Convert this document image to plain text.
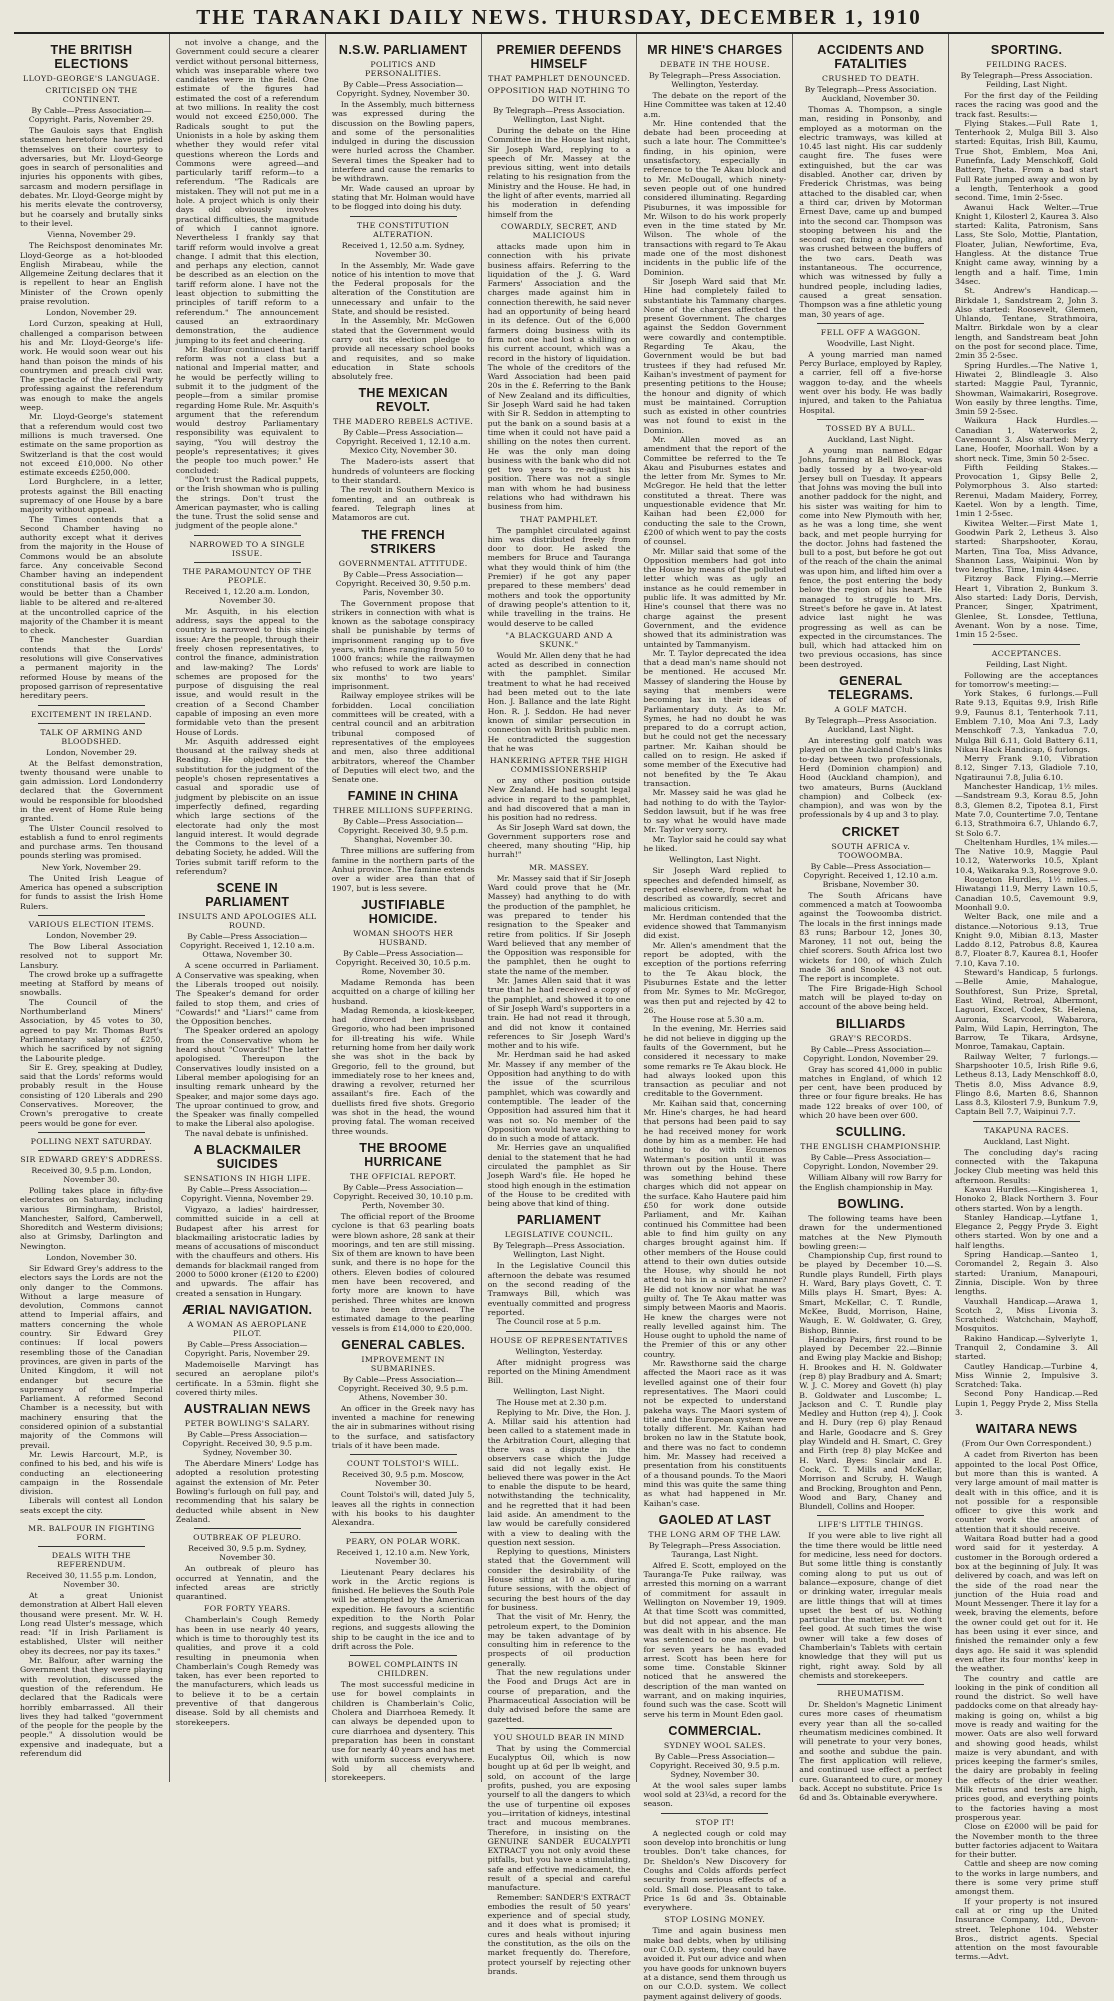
THE TARANAKI DAILY NEWS. THURSDAY, DECEMBER 1, 1910
THE BRITISH ELECTIONS
LLOYD-GEORGE'S LANGUAGE.
CRITICISED ON THE CONTINENT.
By Cable—Press Association—Copyright. Paris, November 29.

The Gaulois says that English statesmen heretofore have prided themselves on their courtesy to adversaries, but Mr. Lloyd-George goes in search of personalities and injuries his opponents with gibes, sarcasm and modern persiflage in debates. Mr. Lloyd-George might by his merits elevate the controversy, but he coarsely and brutally sinks to their level.

Vienna, November 29.

The Reichspost denominates Mr. Lloyd-George as a hot-blooded English Mirabeau, while the Allgemeine Zeitung declares that it is repellent to hear an English Minister of the Crown openly praise revolution.

London, November 29.

Lord Curzon, speaking at Hull, challenged a comparison between his and Mr. Lloyd-George's life-work. He would soon wear out his hand than poison the minds of his countrymen and preach civil war. The spectacle of the Liberal Party professing against the referendum was enough to make the angels weep.

Mr. Lloyd-George's statement that a referendum would cost two millions is much traversed. One estimate on the same proportion as Switzerland is that the cost would not exceed £10,000. No other estimate exceeds £250,000.

Lord Burghclere, in a letter, protests against the Bill enacting supremacy of one House by a bare majority without appeal.

The Times contends that a Second Chamber having no authority except what it derives from the majority in the House of Commons would be an absolute farce. Any conceivable Second Chamber having an independent constitutional basis of its own would be better than a Chamber liable to be altered and re-altered at the uncontrolled caprice of the majority of the Chamber it is meant to check.

The Manchester Guardian contends that the Lords' resolutions will give Conservatives a permanent majority in the reformed House by means of the proposed garrison of representative hereditary peers.

EXCITEMENT IN IRELAND.
TALK OF ARMING AND BLOODSHED.
London, November 29.

At the Belfast demonstration, twenty thousand were unable to gain admission. Lord Londonderry declared that the Government would be responsible for bloodshed in the event of Home Rule being granted.

The Ulster Council resolved to establish a fund to enrol regiments and purchase arms. Ten thousand pounds sterling was promised.

New York, November 29.

The United Irish League of America has opened a subscription for funds to assist the Irish Home Rulers.

VARIOUS ELECTION ITEMS.
London, November 29.

The Bow Liberal Association resolved not to support Mr. Lansbury.

The crowd broke up a suffragette meeting at Stafford by means of snowballs.

The Council of the Northumberland Miners' Association, by 45 votes to 30, agreed to pay Mr. Thomas Burt's Parliamentary salary of £250, which he sacrificed by not signing the Labourite pledge.

Sir E. Grey, speaking at Dudley, said that the Lords' reforms would probably result in the House consisting of 120 Liberals and 290 Conservatives. Moreover, the Crown's prerogative to create peers would be gone for ever.

POLLING NEXT SATURDAY.
SIR EDWARD GREY'S ADDRESS.
Received 30, 9.5 p.m. London, November 30.

Polling takes place in fifty-five electorates on Saturday, including various Birmingham, Bristol, Manchester, Salford, Camberwell, Shoreditch and Westerm divisions; also at Grimsby, Darlington and Newington.

London, November 30.

Sir Edward Grey's address to the electors says the Lords are not the only danger to the Commons. Without a large measure of devolution, Commons cannot attend to Imperial affairs, and matters concerning the whole country. Sir Edward Grey continues: If local powers resembling those of the Canadian provinces, are given in parts of the United Kingdom, it will not endanger but secure the supremacy of the Imperial Parliament. A reformed Second Chamber is a necessity, but with machinery ensuring that the considered opinion of a substantial majority of the Commons will prevail.

Mr. Lewis Harcourt, M.P., is confined to his bed, and his wife is conducting an electioneering campaign in the Rossendale division.

Liberals will contest all London seats except the city.

MR. BALFOUR IN FIGHTING FORM.
DEALS WITH THE REFERENDUM.
Received 30, 11.55 p.m. London, November 30.

At a great Unionist demonstration at Albert Hall eleven thousand were present. Mr. W. H. Long read Ulster's message, which read: "If in Irish Parliament is established, Ulster will neither obey its decrees, nor pay its taxes."

Mr. Balfour, after warning the Government that they were playing with revolution, discussed the question of the referendum. He declared that the Radicals were horribly embarrassed. All their lives they had talked "government of the people for the people by the people." A dissolution would be expensive and inadequate, but a referendum did

not involve a change, and the Government could secure a clearer verdict without personal bitterness, which was inseparable where two candidates were in the field. One estimate of the figures had estimated the cost of a referendum at two millions. In reality the cost would not exceed £250,000. The Radicals sought to put the Unionists in a hole by asking them whether they would refer vital questions whereon the Lords and Commons were agreed—and particularly tariff reform—to a referendum. "The Radicals are mistaken. They will not put me in a hole. A project which is only their days old obviously involves practical difficulties, the magnitude of which I cannot ignore. Nevertheless I frankly say that tariff reform would involve a great change. I admit that this election, and perhaps any election, cannot be described as an election on the tariff reform alone. I have not the least objection to submitting the principles of tariff reform to a referendum." The announcement caused an extraordinary demonstration, the audience jumping to its feet and cheering.

Mr. Balfour continued that tariff reform was not a class but a national and Imperial matter, and he would be perfectly willing to submit it to the judgment of the people—from a similar promise regarding Home Rule. Mr. Asquith's argument that the referendum would destroy Parliamentary responsibility was equivalent to saying, "You will destroy the people's representatives; it gives the people too much power." He concluded:

"Don't trust the Radical puppets, or the Irish showman who is pulling the strings. Don't trust the American paymaster, who is calling the tune. Trust the solid sense and judgment of the people alone."

NARROWED TO A SINGLE ISSUE.
THE PARAMOUNTCY OF THE PEOPLE.
Received 1, 12.20 a.m. London, November 30.

Mr. Asquith, in his election address, says the appeal to the country is narrowed to this single issue: Are the people, through their freely chosen representatives, to control the finance, administration and law-making? The Lords' schemes are proposed for the purpose of disguising the real issue, and would result in the creation of a Second Chamber capable of imposing an even more formidable veto than the present House of Lords.

Mr. Asquith addressed eight thousand at the railway sheds at Reading. He objected to the substitution for the judgment of the people's chosen representatives a casual and sporadic use of judgment by plebiscite on an issue imperfectly defined, regarding which large sections of the electorate had only the most languid interest. It would degrade the Commons to the level of a debating Society, he added. Will the Tories submit tariff reform to the referendum?

SCENE IN PARLIAMENT
INSULTS AND APOLOGIES ALL ROUND.
By Cable—Press Association—Copyright. Received 1, 12.10 a.m. Ottawa, November 30.

A scene occurred in Parliament. A Conservative was speaking, when the Liberals trooped out noisily. The Speaker's demand for order failed to stop them, and cries of "Cowards!" and "Liars!" came from the Opposition benches.

The Speaker ordered an apology from the Conservative whom he heard shout "Cowards!" The latter apologised. Thereupon the Conservatives loudly insisted on a Liberal member apologising for an insulting remark unheard by the Speaker, and major some days ago. The uproar continued to grow, and the Speaker was finally compelled to make the Liberal also apologise.

The naval debate is unfinished.

A BLACKMAILER SUICIDES
SENSATIONS IN HIGH LIFE.
By Cable—Press Association—Copyright. Vienna, November 29.

Vigyazo, a ladies' hairdresser, committed suicide in a cell at Budapest after his arrest for blackmailing aristocratic ladies by means of accusations of misconduct with the chauffeurs and others. His demands for blackmail ranged from 2000 to 5000 kroner (£120 to £200) and upwards. The affair has created a sensation in Hungary.

ÆRIAL NAVIGATION.
A WOMAN AS AEROPLANE PILOT.
By Cable—Press Association—Copyright. Paris, November 29.

Mademoiselle Marvingt has secured an aeroplane pilot's certificate. In a 53min. flight she covered thirty miles.

AUSTRALIAN NEWS
PETER BOWLING'S SALARY.
By Cable—Press Association—Copyright. Received 30, 9.5 p.m. Sydney, November 30.

The Aberdare Miners' Lodge has adopted a resolution protesting against the extension of Mr. Peter Bowling's furlough on full pay, and recommending that his salary be deducted while absent in New Zealand.

OUTBREAK OF PLEURO.
Received 30, 9.5 p.m. Sydney, November 30.

An outbreak of pleuro has occurred at Yennatin, and the infected areas are strictly quarantined.

FOR FORTY YEARS.

Chamberlain's Cough Remedy has been in use nearly 40 years, which is time to thoroughly test its qualities, and prove it a cold resulting in pneumonia when Chamberlain's Cough Remedy was taken, has ever been reported to the manufacturers, which leads us to believe it to be a certain preventive of that dangerous disease. Sold by all chemists and storekeepers.

N.S.W. PARLIAMENT
POLITICS AND PERSONALITIES.
By Cable—Press Association—Copyright. Sydney, November 30.

In the Assembly, much bitterness was expressed during the discussion on the Bowling papers, and some of the personalities indulged in during the discussion were hurled across the Chamber. Several times the Speaker had to interfere and cause the remarks to be withdrawn.

Mr. Wade caused an uproar by stating that Mr. Holman would have to be flogged into doing his duty.

THE CONSTITUTION ALTERATION.
Received 1, 12.50 a.m. Sydney, November 30.

In the Assembly, Mr. Wade gave notice of his intention to move that the Federal proposals for the alteration of the Constitution are unnecessary and unfair to the State, and should be resisted.

In the Assembly, Mr. McGowen stated that the Government would carry out its election pledge to provide all necessary school books and requisites, and so make education in State schools absolutely free.

THE MEXICAN REVOLT.
THE MADERO REBELS ACTIVE.
By Cable—Press Association—Copyright. Received 1, 12.10 a.m. Mexico City, November 30.

The Madero-ists assert that hundreds of volunteers are flocking to their standard.

The revolt in Southern Mexico is fomenting, and an outbreak is feared. Telegraph lines at Matamoros are cut.

THE FRENCH STRIKERS
GOVERNMENTAL ATTITUDE.
By Cable—Press Association—Copyright. Received 30, 9.50 p.m. Paris, November 30.

The Government propose that strikers in connection with what is known as the sabotage conspiracy shall be punishable by terms of imprisonment ranging up to five years, with fines ranging from 50 to 1000 francs; while the railwaymen who refused to work are liable to six months' to two years' imprisonment.

Railway employee strikes will be forbidden. Local conciliation committees will be created, with a central council and an arbitration tribunal composed of representatives of the employees and men, also three additional arbitrators, whereof the Chamber of Deputies will elect two, and the Senate one.

FAMINE IN CHINA
THREE MILLIONS SUFFERING.
By Cable—Press Association—Copyright. Received 30, 9.5 p.m. Shanghai, November 30.

Three millions are suffering from famine in the northern parts of the Anhui province. The famine extends over a wider area than that of 1907, but is less severe.

JUSTIFIABLE HOMICIDE.
WOMAN SHOOTS HER HUSBAND.
By Cable—Press Association—Copyright. Received 30, 10.5 p.m. Rome, November 30.

Madame Remonda has been acquitted on a charge of killing her husband.

Madag Remonda, a kiosk-keeper, had divorced her husband Gregorio, who had been imprisoned for ill-treating his wife. While returning home from her daily work she was shot in the back by Gregorio, fell to the ground, but immediately rose to her knees and, drawing a revolver, returned her assailant's fire. Each of the duellists fired five shots. Gregorio was shot in the head, the wound proving fatal. The woman received three wounds.

THE BROOME HURRICANE
THE OFFICIAL REPORT.
By Cable—Press Association—Copyright. Received 30, 10.10 p.m. Perth, November 30.

The official report of the Broome cyclone is that 63 pearling boats were blown ashore, 28 sank at their moorings, and ten are still missing. Six of them are known to have been sunk, and there is no hope for the others. Eleven bodies of coloured men have been recovered, and forty more are known to have perished. Three whites are known to have been drowned. The estimated damage to the pearling vessels is from £14,000 to £20,000.

GENERAL CABLES.
IMPROVEMENT IN SUBMARINES.
By Cable—Press Association—Copyright. Received 30, 9.5 p.m. Athens, November 30.

An officer in the Greek navy has invented a machine for renewing the air in submarines without rising to the surface, and satisfactory trials of it have been made.

COUNT TOLSTOI'S WILL.
Received 30, 9.5 p.m. Moscow, November 30.

Count Tolstoi's will, dated July 5, leaves all the rights in connection with his books to his daughter Alexandra.

PEARY, ON POLAR WORK.
Received 1, 12.10 a.m. New York, November 30.

Lieutenant Peary declares his work in the Arctic regions is finished. He believes the South Pole will be attempted by the American expedition. He favours a scientific expedition to the North Polar regions, and suggests allowing the ship to be caught in the ice and to drift across the Pole.

BOWEL COMPLAINTS IN CHILDREN.

The most successful medicine in use for bowel complaints in children is Chamberlain's Colic, Cholera and Diarrhoea Remedy. It can always be depended upon to cure diarrhoea and dysentery. This preparation has been in constant use for nearly 40 years and has met with uniform success everywhere. Sold by all chemists and storekeepers.

PREMIER DEFENDS HIMSELF
THAT PAMPHLET DENOUNCED.
OPPOSITION HAD NOTHING TO DO WITH IT.
By Telegraph—Press Association. Wellington, Last Night.

During the debate on the Hine Committee in the House last night, Sir Joseph Ward, replying to a speech of Mr. Massey at the previous sitting, went into details relating to his resignation from the Ministry and the House. He had, in the light of after events, married all his moderation in defending himself from the

COWARDLY, SECRET, AND MALICIOUS

attacks made upon him in connection with his private business affairs. Referring to the liquidation of the J. G. Ward Farmers' Association and the charges made against him in connection therewith, he said never had an opportunity of being heard in its defence. Out of the 6,000 farmers doing business with its firm not one had lost a shilling on his current account, which was a record in the history of liquidation. The whole of the creditors of the Ward Association had been paid 20s in the £. Referring to the Bank of New Zealand and its difficulties, Sir Joseph Ward said he had taken with Sir R. Seddon in attempting to put the bank on a sound basis at a time when it could not have paid a shilling on the notes then current. He was the only man doing business with the bank who did not get two years to re-adjust his position. There was not a single man with whom he had business relations who had withdrawn his business from him.

THAT PAMPHLET.

The pamphlet circulated against him was distributed freely from door to door. He asked the members for Bruce and Tauranga what they would think of him (the Premier) if he got any paper prepared to these members' dead mothers and took the opportunity of drawing people's attention to it, while travelling in the trains. He would deserve to be called

"A BLACKGUARD AND A SKUNK."

Would Mr. Allen deny that he had acted as described in connection with the pamphlet. Similar treatment to what he had received had been meted out to the late Hon. J. Ballance and the late Right Hon. R. J. Seddon. He had never known of similar persecution in connection with British public men. He contradicted the suggestion that he was

HANKERING AFTER THE HIGH COMMISSIONERSHIP

or any other position outside New Zealand. He had sought legal advice in regard to the pamphlet, and had discovered that a man in his position had no redress.

As Sir Joseph Ward sat down, the Government supporters rose and cheered, many shouting "Hip, hip hurrah!"

MR. MASSEY.

Mr. Massey said that if Sir Joseph Ward could prove that he (Mr. Massey) had anything to do with the production of the pamphlet, he was prepared to tender his resignation to the Speaker and retire from politics. If Sir Joseph Ward believed that any member of the Opposition was responsible for the pamphlet, then he ought to state the name of the member.

Mr. James Allen said that it was true that he had received a copy of the pamphlet, and showed it to one of Sir Joseph Ward's supporters in a train. He had not read it through, and did not know it contained references to Sir Joseph Ward's mother and to his wife.

Mr. Herdman said he had asked Mr. Massey if any member of the Opposition had anything to do with the issue of the scurrilous pamphlet, which was cowardly and contemptible. The leader of the Opposition had assured him that it was not so. No member of the Opposition would have anything to do in such a mode of attack.

Mr. Herries gave an unqualified denial to the statement that he had circulated the pamphlet as Sir Joseph Ward's file. He hoped he stood high enough in the estimation of the House to be credited with being above that kind of thing.

PARLIAMENT
LEGISLATIVE COUNCIL.
By Telegraph—Press Association. Wellington, Last Night.

In the Legislative Council this afternoon the debate was resumed on the second reading of the Tramways Bill, which was eventually committed and progress reported.

The Council rose at 5 p.m.

HOUSE OF REPRESENTATIVES
Wellington, Yesterday.

After midnight progress was reported on the Mining Amendment Bill.

Wellington, Last Night.

The House met at 2.30 p.m.

Replying to Mr. Dive, the Hon. J. A. Millar said his attention had been called to a statement made in the Arbitration Court, alleging that there was a dispute in the observers case which the Judge said did not legally exist. He believed there was power in the Act to enable the dispute to be heard, notwithstanding the technicality, and he regretted that it had been laid aside. An amendment to the law would be carefully considered with a view to dealing with the question next session.

Replying to questions, Ministers stated that the Government will consider the desirability of the House sitting at 10 a.m. during future sessions, with the object of securing the best hours of the day for business.

That the visit of Mr. Henry, the petroleum expert, to the Dominion may be taken advantage of by consulting him in reference to the prospects of oil production generally.

That the new regulations under the Food and Drugs Act are in course of preparation, and the Pharmaceutical Association will be duly advised before the same are gazetted.

YOU SHOULD BEAR IN MIND

That by using the Commercial Eucalyptus Oil, which is now bought up at 6d per lb weight, and sold, on account of the large profits, pushed, you are exposing yourself to all the dangers to which the use of turpentine oil exposes you—irritation of kidneys, intestinal tract and mucous membranes. Therefore, in insisting on the GENUINE SANDER EUCALYPTI EXTRACT you not only avoid these pitfalls, but you have a stimulating, safe and effective medicament, the result of a special and careful manufacture.

Remember: SANDER'S EXTRACT embodies the result of 50 years' experience and of special study, and it does what is promised; it cures and heals without injuring the constitution, as the oils on the market frequently do. Therefore, protect yourself by rejecting other brands.

MR HINE'S CHARGES
DEBATE IN THE HOUSE.
By Telegraph—Press Association. Wellington, Yesterday.

The debate on the report of the Hine Committee was taken at 12.40 a.m.

Mr. Hine contended that the debate had been proceeding at such a late hour. The Committee's finding, in his opinion, were unsatisfactory, especially in reference to the Te Akau block and to Mr. McDougall, which ninety-seven people out of one hundred considered illuminating. Regarding Pisuburnes, it was impossible for Mr. Wilson to do his work properly even in the time stated by Mr. Wilson. The whole of the transactions with regard to Te Akau made one of the most dishonest incidents in the public life of the Dominion.

Sir Joseph Ward said that Mr. Hine had completely failed to substantiate his Tammany charges. None of the charges affected the present Government. The charges against the Seddon Government were cowardly and contemptible. Regarding Te Akau, the Government would be but bad trustees if they had refused Mr. Kaihan's investment of payment for presenting petitions to the House; the honour and dignity of which must be maintained. Corruption such as existed in other countries was not found to exist in the Dominion.

Mr. Allen moved as an amendment that the report of the Committee be referred to the Te Akau and Pisuburnes estates and the letter from Mr. Symes to Mr. McGregor. He held that the letter constituted a threat. There was unquestionable evidence that Mr. Kaihan had been £2,000 for conducting the sale to the Crown, £200 of which went to pay the costs of counsel.

Mr. Millar said that some of the Opposition members had got into the House by means of the polluted letter which was as ugly an instance as he could remember in public life. It was admitted by Mr. Hine's counsel that there was no charge against the present Government, and the evidence showed that its administration was untainted by Tammanyism.

Mr. T. Taylor deprecated the idea that a dead man's name should not be mentioned. He accused Mr. Massey of slandering the House by saying that members were becoming lax in their ideas of Parliamentary duty. As to Mr. Symes, he had no doubt he was prepared to do a corrupt action, but he could not get the necessary partner. Mr. Kaihan should be called on to resign. He asked if some member of the Executive had not benefited by the Te Akau transaction.

Mr. Massey said he was glad he had nothing to do with the Taylor-Seddon lawsuit, but if he was free to say what he would have made Mr. Taylor very sorry.

Mr. Taylor said he could say what he liked.

Wellington, Last Night.

Sir Joseph Ward replied to speeches and defended himself, as reported elsewhere, from what he described as cowardly, secret and malicious criticism.

Mr. Herdman contended that the evidence showed that Tammanyism did exist.

Mr. Allen's amendment that the report be adopted, with the exception of the portions referring to the Te Akau block, the Pisuburnes Estate and the letter from Mr. Symes to Mr. McGregor, was then put and rejected by 42 to 26.

The House rose at 5.30 a.m.

In the evening, Mr. Herries said he did not believe in digging up the faults of the Government, but he considered it necessary to make some remarks re Te Akau block. He had always looked upon this transaction as peculiar and not creditable to the Government.

Mr. Kaihan said that, concerning Mr. Hine's charges, he had heard that persons had been paid to say he had received money for work done by him as a member. He had nothing to do with Ecumenos Waterman's position until it was thrown out by the House. There was something behind these charges which did not appear on the surface. Kaho Hautere paid him £50 for work done outside Parliament, and Mr. Kaihan continued his Committee had been able to find him guilty on any charges brought against him. If other members of the House could attend to their own duties outside the House, why should he not attend to his in a similar manner? He did not know nor what he was guilty of. The Te Akau matter was simply between Maoris and Maoris. He knew the charges were not really levelled against him. The House ought to uphold the name of the Premier of this or any other country.

Mr. Rawsthorne said the charge affected the Maori race as it was levelled against one of their four representatives. The Maori could not be expected to understand pakeha ways. The Maori system of title and the European system were totally different. Mr. Kaihan had broken no law in the Statute book, and there was no fact to condemn him. Mr. Massey had received a presentation from his constituents of a thousand pounds. To the Maori mind this was quite the same thing as what had happened in Mr. Kaihan's case.

GAOLED AT LAST
THE LONG ARM OF THE LAW.
By Telegraph—Press Association. Tauranga, Last Night.

Alfred E. Scott, employed on the Tauranga-Te Puke railway, was arrested this morning on a warrant of commitment for assault in Wellington on November 19, 1909. At that time Scott was committed, but did not appear, and the man was dealt with in his absence. He was sentenced to one month, but for seven years he has evaded arrest. Scott has been here for some time. Constable Skinner noticed that he answered the description of the man wanted on warrant, and on making inquiries, found such was the case. Scott will serve his term in Mount Eden gaol.

COMMERCIAL.
SYDNEY WOOL SALES.
By Cable—Press Association—Copyright. Received 30, 9.5 p.m. Sydney, November 30.

At the wool sales super lambs wool sold at 23¼d, a record for the season.

STOP IT!

A neglected cough or cold may soon develop into bronchitis or lung troubles. Don't take chances, for Dr. Sheldon's New Discovery for Coughs and Colds affords perfect security from serious effects of a cold. Small dose. Pleasant to take. Price 1s 6d and 3s. Obtainable everywhere.

STOP LOSING MONEY.

Time and again business men make bad debts, when by utilising our C.O.D. system, they could have avoided it. Put our advice and when you have goods for unknown buyers at a distance, send them through us on our C.O.D. system. We collect payment against delivery of goods.

ACCIDENTS AND FATALITIES
CRUSHED TO DEATH.
By Telegraph—Press Association. Auckland, November 30.

Thomas A. Thompson, a single man, residing in Ponsonby, and employed as a motorman on the electric tramways, was killed at 10.45 last night. His car suddenly caught fire. The fuses were extinguished, but the car was disabled. Another car, driven by Frederick Christmas, was being attached to the disabled car, when a third car, driven by Motorman Ernest Dave, came up and bumped into the second car. Thompson was stooping between his and the second car, fixing a coupling, and was crushed between the buffers of the two cars. Death was instantaneous. The occurrence, which was witnessed by fully a hundred people, including ladies, caused a great sensation. Thompson was a fine athletic young man, 30 years of age.

FELL OFF A WAGGON.
Woodville, Last Night.

A young married man named Percy Burlace, employed by Rapley, a carrier, fell off a five-horse waggon to-day, and the wheels went over his body. He was badly injured, and taken to the Pahiatua Hospital.

TOSSED BY A BULL.
Auckland, Last Night.

A young man named Edgar Johns, farming at Bell Block, was badly tossed by a two-year-old Jersey bull on Tuesday. It appears that Johns was moving the bull into another paddock for the night, and his sister was waiting for him to come into New Plymouth with her, as he was a long time, she went back, and met people hurrying for the doctor. Johns had fastened the bull to a post, but before he got out of the reach of the chain the animal was upon him, and lifted him over a fence, the post entering the body below the region of his heart. He managed to struggle to Mrs. Street's before he gave in. At latest advice last night he was progressing as well as can be expected in the circumstances. The bull, which had attacked him on two previous occasions, has since been destroyed.

GENERAL TELEGRAMS.
A GOLF MATCH.
By Telegraph—Press Association. Auckland, Last Night.

An interesting golf match was played on the Auckland Club's links to-day between two professionals, Herd (Dominion champion) and Hood (Auckland champion), and two amateurs, Burns (Auckland champion) and Colbeck (ex-champion), and was won by the professionals by 4 up and 3 to play.

CRICKET
SOUTH AFRICA v. TOOWOOMBA.
By Cable—Press Association—Copyright. Received 1, 12.10 a.m. Brisbane, November 30.

The South Africans have commenced a match at Toowoomba against the Toowoomba district. The locals in the first innings made 83 runs; Barbour 12, Jones 30, Maroney, 11 not out, being the chief scorers. South Africa lost two wickets for 100, of which Zulch made 36 and Snooke 43 not out. The report is incomplete.

The Fire Brigade-High School match will be played to-day on account of the above being held.

BILLIARDS
GRAY'S RECORDS.
By Cable—Press Association—Copyright. London, November 29.

Gray has scored 41,000 in public matches in England, of which 12 per cent, have been produced by three or four figure breaks. He has made 122 breaks of over 100, of which 20 have been over 600.

SCULLING.
THE ENGLISH CHAMPIONSHIP.
By Cable—Press Association—Copyright. London, November 29.

William Albany will row Barry for the English championship in May.

BOWLING.

The following teams have been drawn for the undermentioned matches at the New Plymouth bowling green:—

Championship Cup, first round to be played by December 10.—S. Rundle plays Rundell, Firth plays H. Ward, Bary plays Govett, C. T. Mills plays H. Smart, Byes: A. Smart, McKellar, C. T. Rundle, McKee, Budd, Morrison, Haine, Waugh, E. W. Goldwater, G. Grey, Bishop, Binnie.

Handicap Pairs, first round to be played by December 22.—Binnie and Ewing play Mackie and Bishop; H. Brookes and H. N. Goldwater (rep 8) play Bradbury and A. Smart; W. J. C. Morey and Govett (h) play B. Goldwater and Luscombe; L. Jackson and C. T. Rundle play Medley and Hutton (rep 4), J. Cook and H. Dury (rep 6) play Renaud and Harle, Goodacre and S. Grey play Windeld and H. Smart, C. Grey and Firth (rep 8) play McKee and H. Ward. Byes: Sinclair and E. Cock, C. T. Mills and McKellar, Morrison and Scruby, H. Waugh and Brocking, Broughton and Penn, Wood and Bary, Chaney and Blundell, Collins and Hooper.

LIFE'S LITTLE THINGS.

If you were able to live right all the time there would be little need for medicine, less need for doctors. But some little thing is constantly coming along to put us out of balance—exposure, change of diet or drinking water, irregular meals are little things that will at times upset the best of us. Nothing particular the matter, but we don't feel good. At such times the wise owner will take a few doses of Chamberlain's Tablets with certain knowledge that they will put us right, right away. Sold by all chemists and storekeepers.

RHEUMATISM.

Dr. Sheldon's Magnetic Liniment cures more cases of rheumatism every year than all the so-called rheumatism medicines combined. It will penetrate to your very bones, and soothe and subdue the pain. The first application will relieve, and continued use effect a perfect cure. Guaranteed to cure, or money back. Accept no substitute. Price 1s 6d and 3s. Obtainable everywhere.

SPORTING.
FEILDING RACES.
By Telegraph—Press Association. Feilding, Last Night.

For the first day of the Feilding races the racing was good and the track fast. Results:—

Flying Stakes.—Full Rate 1, Tenterhook 2, Mulga Bill 3. Also started: Equitas, Irish Bill, Kaumu, True Shot, Emblem, Moa Ani, Funefinfa, Lady Menschkoff, Gold Battery, Theta. From a bad start Full Rate jumped away and won by a length, Tenterhook a good second. Time, 1min 2-5sec.

Awanui Hack Welter.—True Knight 1, Kilosterl 2, Kaurea 3. Also started: Kalita, Patronism, Sans Lass, Ste Solo, Mottie, Plantation, Floater, Julian, Newfortime, Eva, Hangless. At the distance True Knight came away, winning by a length and a half. Time, 1min 34sec.

St. Andrew's Handicap.—Birkdale 1, Sandstream 2, John 3. Also started: Roosevelt, Glemen, Uhlando, Tentane, Strathmoira, Maltrr. Birkdale won by a clear length, and Sandstream beat John on the post for second place. Time, 2min 35 2-5sec.

Spring Hurdles.—The Native 1, Hiwatei 2, Blindleagle 3. Also started: Maggie Paul, Tyrannic, Showman, Waimakariri, Rosegrove. Won easily by three lengths. Time, 3min 59 2-5sec.

Waikura Hack Hurdles.—Canadian 1, Waterworks 2, Cavemount 3. Also started: Merry Lane, Hoofer, Moorhall. Won by a short neck. Time, 3min 50 2-5sec.

Fifth Feilding Stakes.—Provocation 1, Gipsy Belle 2, Polymorphous 3. Also started: Rerenui, Madam Maidery, Forrey, Kaetel. Won by a length. Time, 1min 1 2-5sec.

Kiwitea Welter.—First Mate 1, Goodwin Park 2, Letheus 3. Also started: Sharpshooter, Korau, Marten, Tina Toa, Miss Advance, Shannon Lass, Waipinui. Won by two lengths. Time, 1min 44sec.

Fitzroy Back Flying.—Merrie Heart 1, Vibration 2, Bunkum 3. Also started: Lady Doris, Dervish, Prancer, Singer, Xpatriment, Glenlee, St. Lonsdee, Tettluna, Avenant. Won by a nose. Time, 1min 15 2-5sec.

ACCEPTANCES.
Feilding, Last Night.

Following are the acceptances for tomorrow's meeting:—

York Stakes, 6 furlongs.—Full Rate 9.13, Equitas 9.9, Irish Rifle 9.9, Faunus 8.1, Tenterhook 7.11, Emblem 7.10, Moa Ani 7.3, Lady Menschkoff 7.3, Yankadua 7.0, Mulga Bill 6.11, Gold Battery 6.11, Nikau Hack Handicap, 6 furlongs.

Merry Frank 9.10, Vibration 8.12, Singer 7.13, Gladiole 7.10, Ngatiraunui 7.8, Julia 6.10.

Manchester Handicap, 1½ miles.—Sandstream 9.3, Korau 8.5, John 8.3, Glemen 8.2, Tipotea 8.1, First Mate 7.0, Countertime 7.0, Tentane 6.13, Strathmoira 6.7, Uhlando 6.7, St Solo 6.7.

Cheltenham Hurdles, 1¾ miles.—The Native 10.9, Maggie Paul 10.12, Waterworks 10.5, Xplant 10.4, Waikaraka 9.3, Rosegrove 9.0.

Rougeton Hurdles, 1½ miles.—Hiwatangi 11.9, Merry Lawn 10.5, Canadian 10.5, Cavemount 9.9, Moonhall 9.0.

Welter Back, one mile and a distance.—Notorious 9.13, True Knight 9.0, Mibian 8.13, Master Laddo 8.12, Patrobus 8.8, Kaurea 8.7, Floater 8.7, Kaurea 8.1, Hoofer 7.10, Kava 7.10.

Steward's Handicap, 5 furlongs.—Belle Amie, Mahalogue, Southforest, Sun Prize, Spretal, East Wind, Retroal, Albermont, Laguori, Excel, Codex, St. Helena, Auronia, Scarvcool, Wabarora, Palm, Wild Lapin, Herrington, The Barrow, Te Tikara, Ardsyne, Monroe, Tamakau, Captain.

Railway Welter, 7 furlongs.—Sharpshooter 10.5, Irish Rifle 9.6, Letheus 8.13, Lady Menschkoff 8.0, Thetis 8.0, Miss Advance 8.9, Flingo 8.6, Marten 8.6, Shannon Lass 8.3, Kilosterl 7.9, Bunkum 7.9, Captain Bell 7.7, Waipinui 7.7.

TAKAPUNA RACES.
Auckland, Last Night.

The concluding day's racing connected with the Takapuna Jockey Club meeting was held this afternoon. Results:

Kawau Hurdles.—Kingisherea 1, Honoko 2, Black Northern 3. Four others started. Won by a length.

Stanley Handicap.—Lytfane 1, Elegance 2, Peggy Pryde 3. Eight others started. Won by one and a half lengths.

Spring Handicap.—Santeo 1, Coromandel 2, Regain 3. Also started: Uranium, Manapouri, Zinnia, Disciple. Won by three lengths.

Vauxhall Handicap.—Arawa 1, Scotch 2, Miss Livonia 3. Scratched: Watchchain, Mayhoff, Mosquitos.

Rakino Handicap.—Sylverlyte 1, Tranquil 2, Condamine 3. All started.

Cautley Handicap.—Turbine 4, Miss Winnie 2, Impulsive 3. Scratched: Taka.

Second Pony Handicap.—Red Lupin 1, Peggy Pryde 2, Miss Stella 3.

WAITARA NEWS
(From Our Own Correspondent.)

A cadet from Riverton has been appointed to the local Post Office, but more than this is wanted. A very large amount of mail matter is dealt with in this office, and it is not possible for a responsible officer to give this work and counter work the amount of attention that it should receive.

Waitara Road butter had a good word said for it yesterday. A customer in the Borough ordered a box at the beginning of July. It was delivered by coach, and was left on the side of the road near the junction of the Huia road and Mount Messenger. There it lay for a week, braving the elements, before the owner could get out for it. He has been using it ever since, and finished the remainder only a few days ago. He said it was splendid even after its four months' keep in the weather.

The country and cattle are looking in the pink of condition all round the district. So well have paddocks come on that already hay-making is going on, whilst a big move is ready and waiting for the mower. Oats are also well forward and showing good heads, whilst maize is very abundant, and with prices keeping the farmer's smiles, the dairy are probably in feeling the effects of the drier weather. Milk returns and tests are high, prices good, and everything points to the factories having a most prosperous year.

Close on £2000 will be paid for the November month to the three butter factories adjacent to Waitara for their butter.

Cattle and sheep are now coming to the works in large numbers, and there is some very prime stuff amongst them.

If your property is not insured call at or ring up the United Insurance Company, Ltd., Devon-street. Telephone 104. Webster Bros., district agents. Special attention on the most favourable terms.—Advt.
